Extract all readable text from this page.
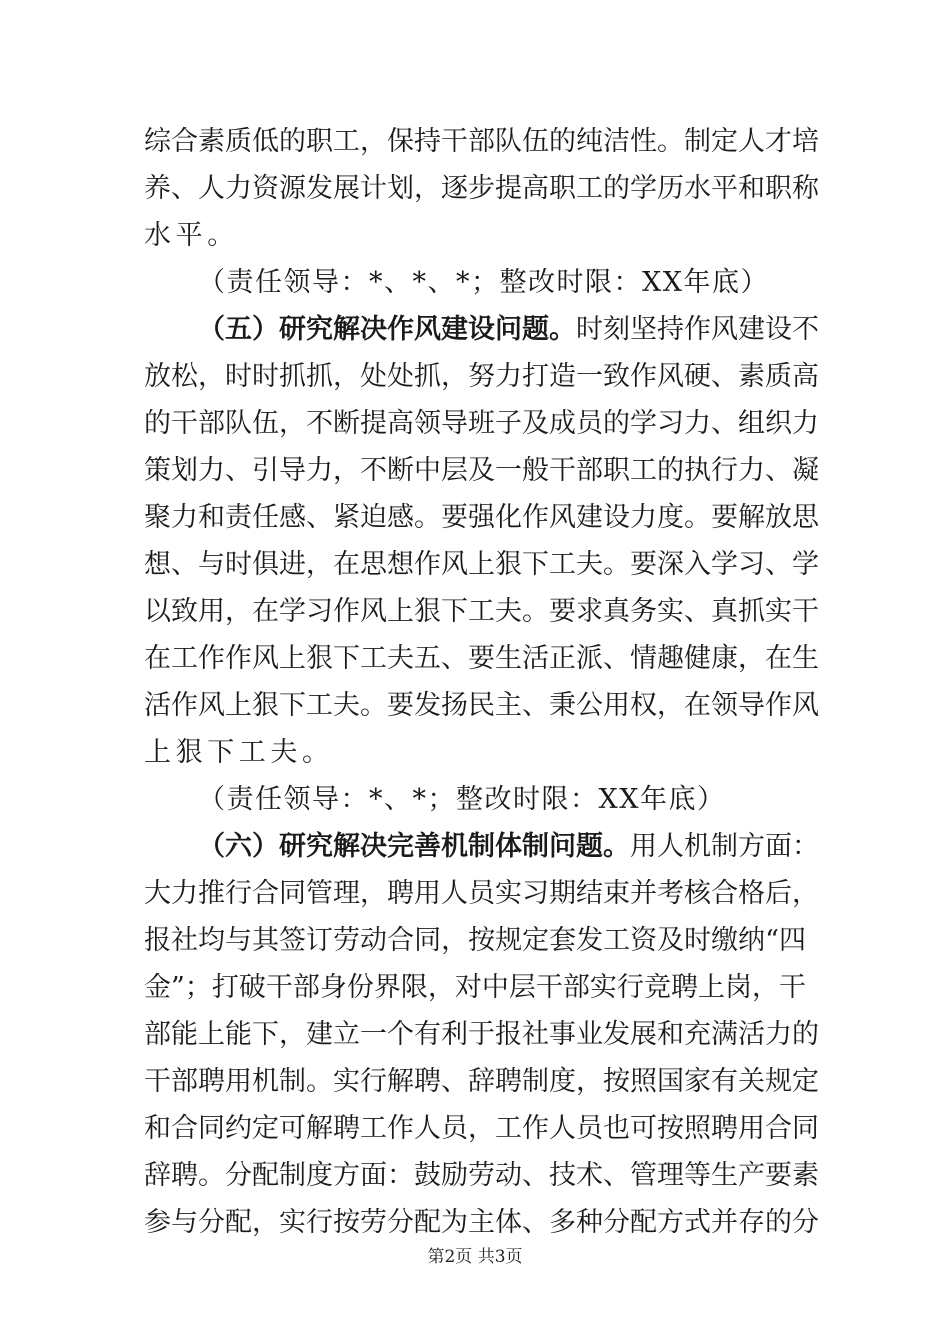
综合素质低的职工，保持干部队伍的纯洁性。制定人才培
养、人力资源发展计划，逐步提高职工的学历水平和职称
水平。
（责任领导：*、*、*；整改时限：XX年底）
（五）研究解决作风建设问题。时刻坚持作风建设不
放松，时时抓抓，处处抓，努力打造一致作风硬、素质高
的干部队伍，不断提高领导班子及成员的学习力、组织力
策划力、引导力，不断中层及一般干部职工的执行力、凝
聚力和责任感、紧迫感。要强化作风建设力度。要解放思
想、与时俱进，在思想作风上狠下工夫。要深入学习、学
以致用，在学习作风上狠下工夫。要求真务实、真抓实干
在工作作风上狠下工夫五、要生活正派、情趣健康，在生
活作风上狠下工夫。要发扬民主、秉公用权，在领导作风
上狠下工夫。
（责任领导：*、*；整改时限：XX年底）
（六）研究解决完善机制体制问题。用人机制方面：
大力推行合同管理，聘用人员实习期结束并考核合格后，
报社均与其签订劳动合同，按规定套发工资及时缴纳“四
金”；打破干部身份界限，对中层干部实行竞聘上岗，干
部能上能下，建立一个有利于报社事业发展和充满活力的
干部聘用机制。实行解聘、辞聘制度，按照国家有关规定
和合同约定可解聘工作人员，工作人员也可按照聘用合同
辞聘。分配制度方面：鼓励劳动、技术、管理等生产要素
参与分配，实行按劳分配为主体、多种分配方式并存的分
第2页 共3页
